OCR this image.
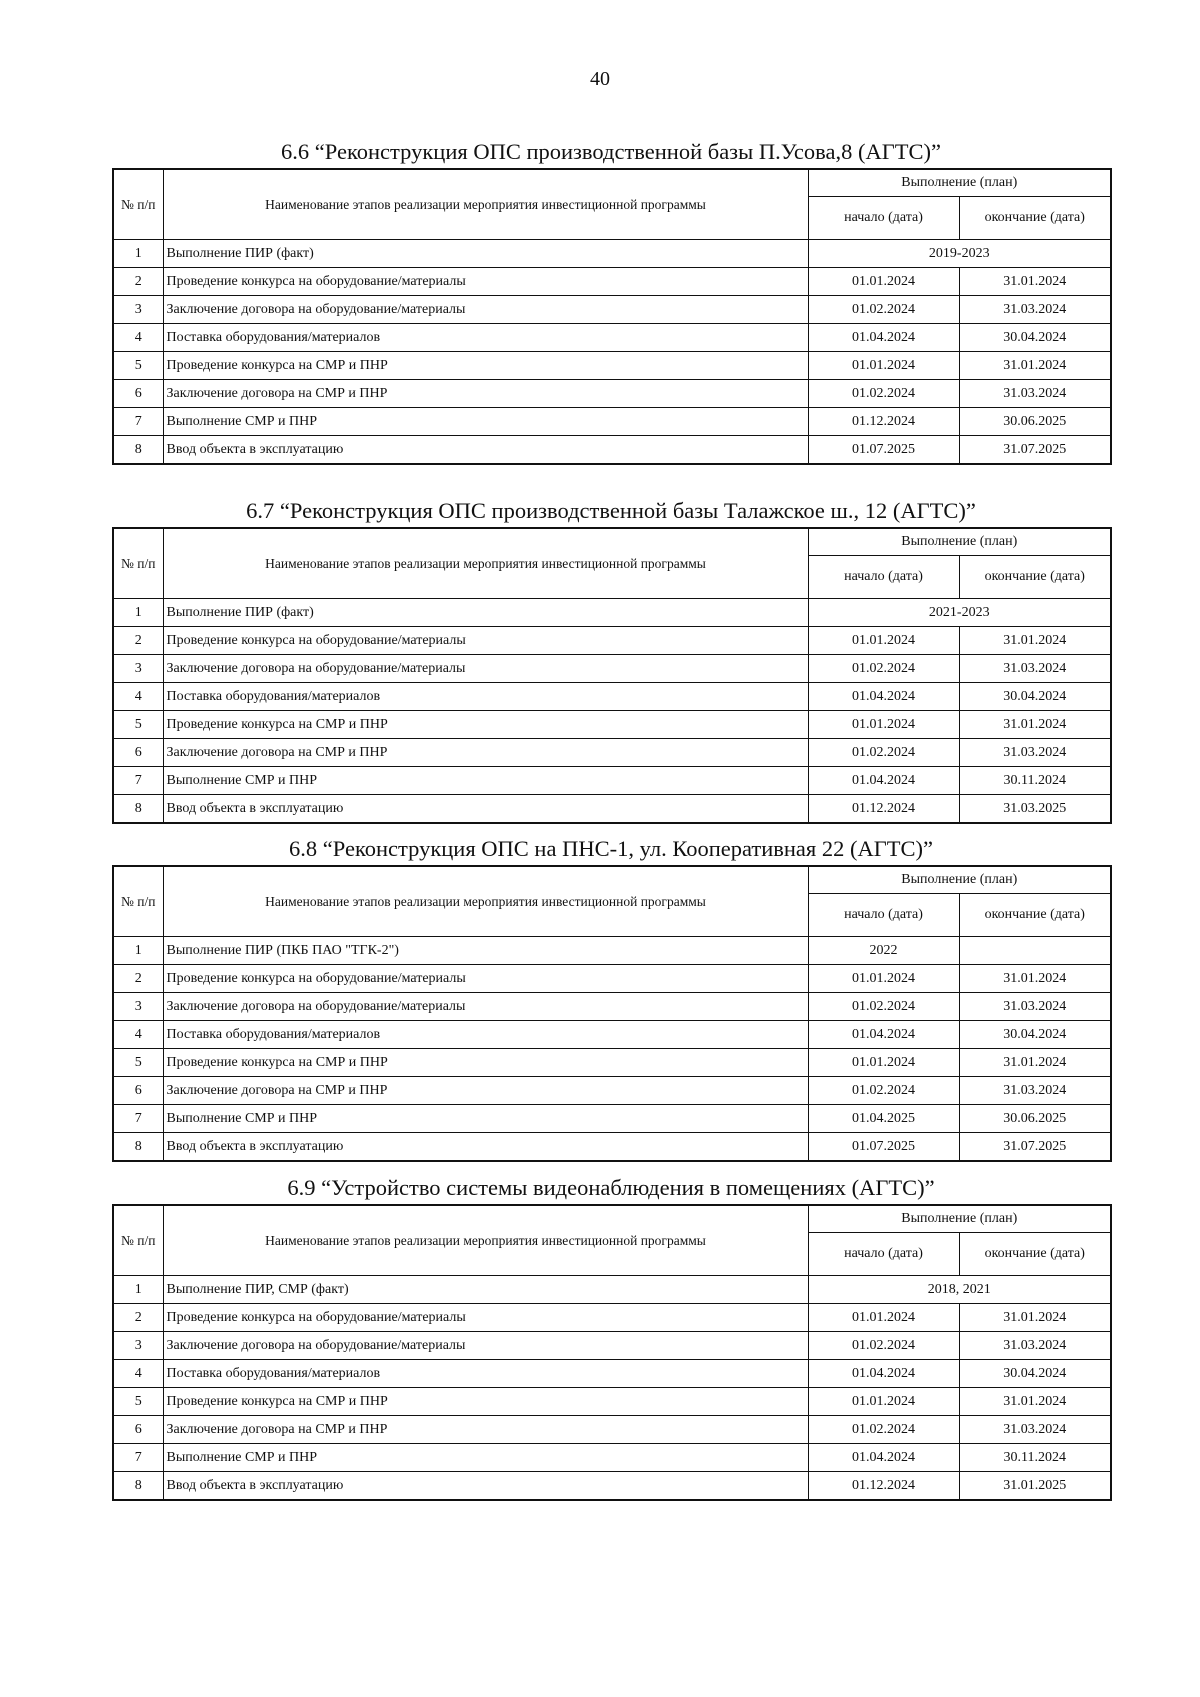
40
6.6 “Реконструкция ОПС производственной базы П.Усова,8 (АГТС)”
№ п/п	Наименование этапов реализации мероприятия инвестиционной программы	Выполнение (план)	
		начало (дата)	окончание (дата)
1	Выполнение ПИР (факт)	2019-2023	
2	Проведение конкурса на оборудование/материалы	01.01.2024	31.01.2024
3	Заключение договора на оборудование/материалы	01.02.2024	31.03.2024
4	Поставка оборудования/материалов	01.04.2024	30.04.2024
5	Проведение конкурса на СМР и ПНР	01.01.2024	31.01.2024
6	Заключение договора на СМР и ПНР	01.02.2024	31.03.2024
7	Выполнение СМР и ПНР	01.12.2024	30.06.2025
8	Ввод объекта в эксплуатацию	01.07.2025	31.07.2025
6.7 “Реконструкция ОПС производственной базы Талажское ш., 12 (АГТС)”
№ п/п	Наименование этапов реализации мероприятия инвестиционной программы	Выполнение (план)	
		начало (дата)	окончание (дата)
1	Выполнение ПИР (факт)	2021-2023	
2	Проведение конкурса на оборудование/материалы	01.01.2024	31.01.2024
3	Заключение договора на оборудование/материалы	01.02.2024	31.03.2024
4	Поставка оборудования/материалов	01.04.2024	30.04.2024
5	Проведение конкурса на СМР и ПНР	01.01.2024	31.01.2024
6	Заключение договора на СМР и ПНР	01.02.2024	31.03.2024
7	Выполнение СМР и ПНР	01.04.2024	30.11.2024
8	Ввод объекта в эксплуатацию	01.12.2024	31.03.2025
6.8 “Реконструкция ОПС на ПНС-1, ул. Кооперативная 22 (АГТС)”
№ п/п	Наименование этапов реализации мероприятия инвестиционной программы	Выполнение (план)	
		начало (дата)	окончание (дата)
1	Выполнение ПИР (ПКБ ПАО "ТГК-2")	2022	
2	Проведение конкурса на оборудование/материалы	01.01.2024	31.01.2024
3	Заключение договора на оборудование/материалы	01.02.2024	31.03.2024
4	Поставка оборудования/материалов	01.04.2024	30.04.2024
5	Проведение конкурса на СМР и ПНР	01.01.2024	31.01.2024
6	Заключение договора на СМР и ПНР	01.02.2024	31.03.2024
7	Выполнение СМР и ПНР	01.04.2025	30.06.2025
8	Ввод объекта в эксплуатацию	01.07.2025	31.07.2025
6.9 “Устройство системы видеонаблюдения в помещениях (АГТС)”
№ п/п	Наименование этапов реализации мероприятия инвестиционной программы	Выполнение (план)	
		начало (дата)	окончание (дата)
1	Выполнение ПИР, СМР (факт)	2018, 2021	
2	Проведение конкурса на оборудование/материалы	01.01.2024	31.01.2024
3	Заключение договора на оборудование/материалы	01.02.2024	31.03.2024
4	Поставка оборудования/материалов	01.04.2024	30.04.2024
5	Проведение конкурса на СМР и ПНР	01.01.2024	31.01.2024
6	Заключение договора на СМР и ПНР	01.02.2024	31.03.2024
7	Выполнение СМР и ПНР	01.04.2024	30.11.2024
8	Ввод объекта в эксплуатацию	01.12.2024	31.01.2025
